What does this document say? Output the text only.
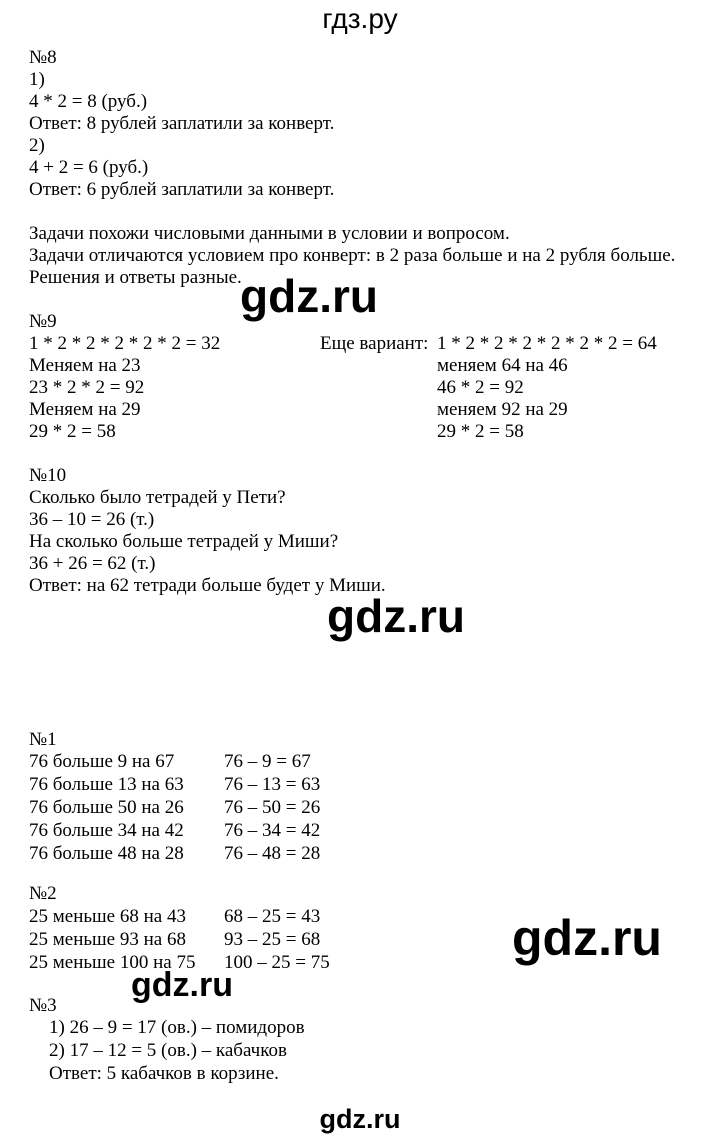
гдз.ру
№8
1)
4 * 2 = 8 (руб.)
Ответ: 8 рублей заплатили за конверт.
2)
4 + 2 = 6 (руб.)
Ответ: 6 рублей заплатили за конверт.
Задачи похожи числовыми данными в условии и вопросом.
Задачи отличаются условием про конверт: в 2 раза больше и на 2 рубля больше.
Решения и ответы разные.
gdz.ru
№9
1 * 2 * 2 * 2 * 2 * 2 = 32
Меняем на 23
23 * 2 * 2 = 92
Меняем на 29
29 * 2 = 58
Еще вариант: 1 * 2 * 2 * 2 * 2 * 2 * 2 = 64
меняем 64 на 46
46 * 2 = 92
меняем 92 на 29
29 * 2 = 58
№10
Сколько было тетрадей у Пети?
36 – 10 = 26 (т.)
На сколько больше тетрадей у Миши?
36 + 26 = 62 (т.)
Ответ: на 62 тетради больше будет у Миши.
gdz.ru
№1
76 больше 9 на 67
76 больше 13 на 63
76 больше 50 на 26
76 больше 34 на 42
76 больше 48 на 28
76 – 9 = 67
76 – 13 = 63
76 – 50 = 26
76 – 34 = 42
76 – 48 = 28
№2
25 меньше 68 на 43
25 меньше 93 на 68
25 меньше 100 на 75
68 – 25 = 43
93 – 25 = 68
100 – 25 = 75	gdz.ru
gdz.ru
№3
1) 26 – 9 = 17 (ов.) – помидоров
2) 17 – 12 = 5 (ов.) – кабачков
Ответ: 5 кабачков в корзине.
gdz.ru
